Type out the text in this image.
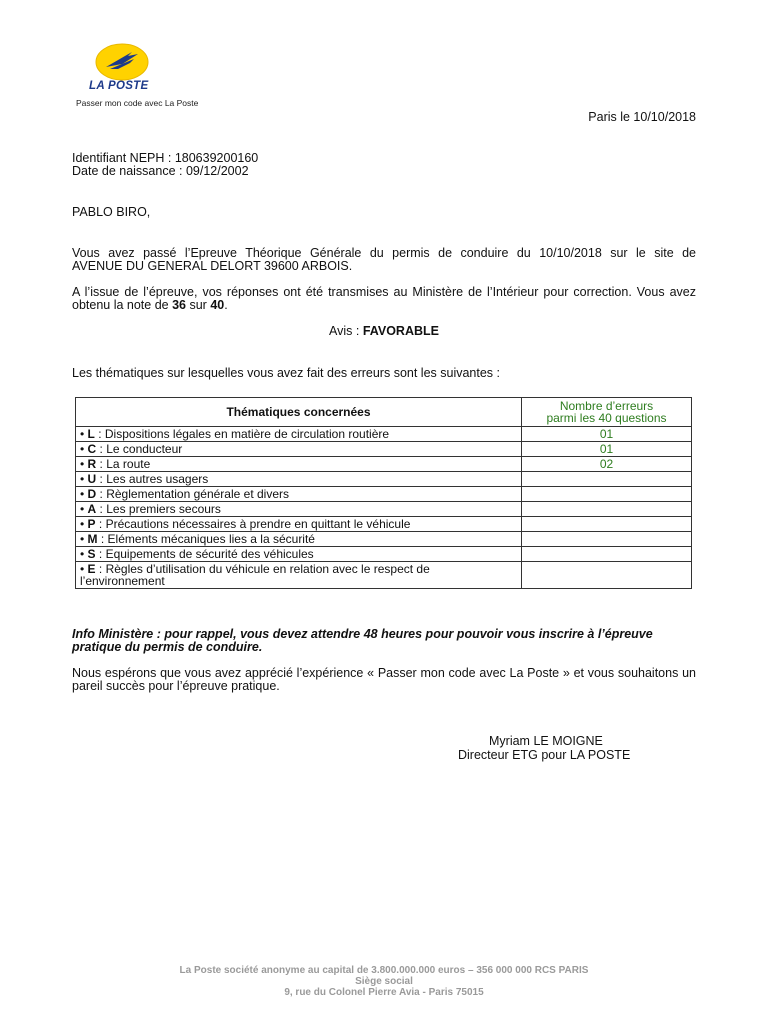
LA POSTE
Passer mon code avec La Poste
Paris le 10/10/2018
Identifiant NEPH : 180639200160
Date de naissance : 09/12/2002
PABLO BIRO,
Vous avez passé l’Epreuve Théorique Générale du permis de conduire du 10/10/2018 sur le site de
AVENUE DU GENERAL DELORT 39600 ARBOIS.
A l’issue de l’épreuve, vos réponses ont été transmises au Ministère de l’Intérieur pour correction. Vous avez obtenu la note de 36 sur 40.
Avis : FAVORABLE
Les thématiques sur lesquelles vous avez fait des erreurs sont les suivantes :
Thématiques concernées	Nombre d’erreurs
parmi les 40 questions

• L : Dispositions légales en matière de circulation routière	01
• C : Le conducteur	01
• R : La route	02
• U : Les autres usagers	
• D : Règlementation générale et divers	
• A : Les premiers secours	
• P : Précautions nécessaires à prendre en quittant le véhicule	
• M : Eléments mécaniques lies a la sécurité	
• S : Equipements de sécurité des véhicules	
• E : Règles d’utilisation du véhicule en relation avec le respect de l’environnement	
Info Ministère : pour rappel, vous devez attendre 48 heures pour pouvoir vous inscrire à l’épreuve pratique du permis de conduire.
Nous espérons que vous avez apprécié l’expérience « Passer mon code avec La Poste » et vous souhaitons un pareil succès pour l’épreuve pratique.
Myriam LE MOIGNE
Directeur ETG pour LA POSTE
La Poste société anonyme au capital de 3.800.000.000 euros – 356 000 000 RCS PARIS
Siège social
9, rue du Colonel Pierre Avia - Paris 75015
